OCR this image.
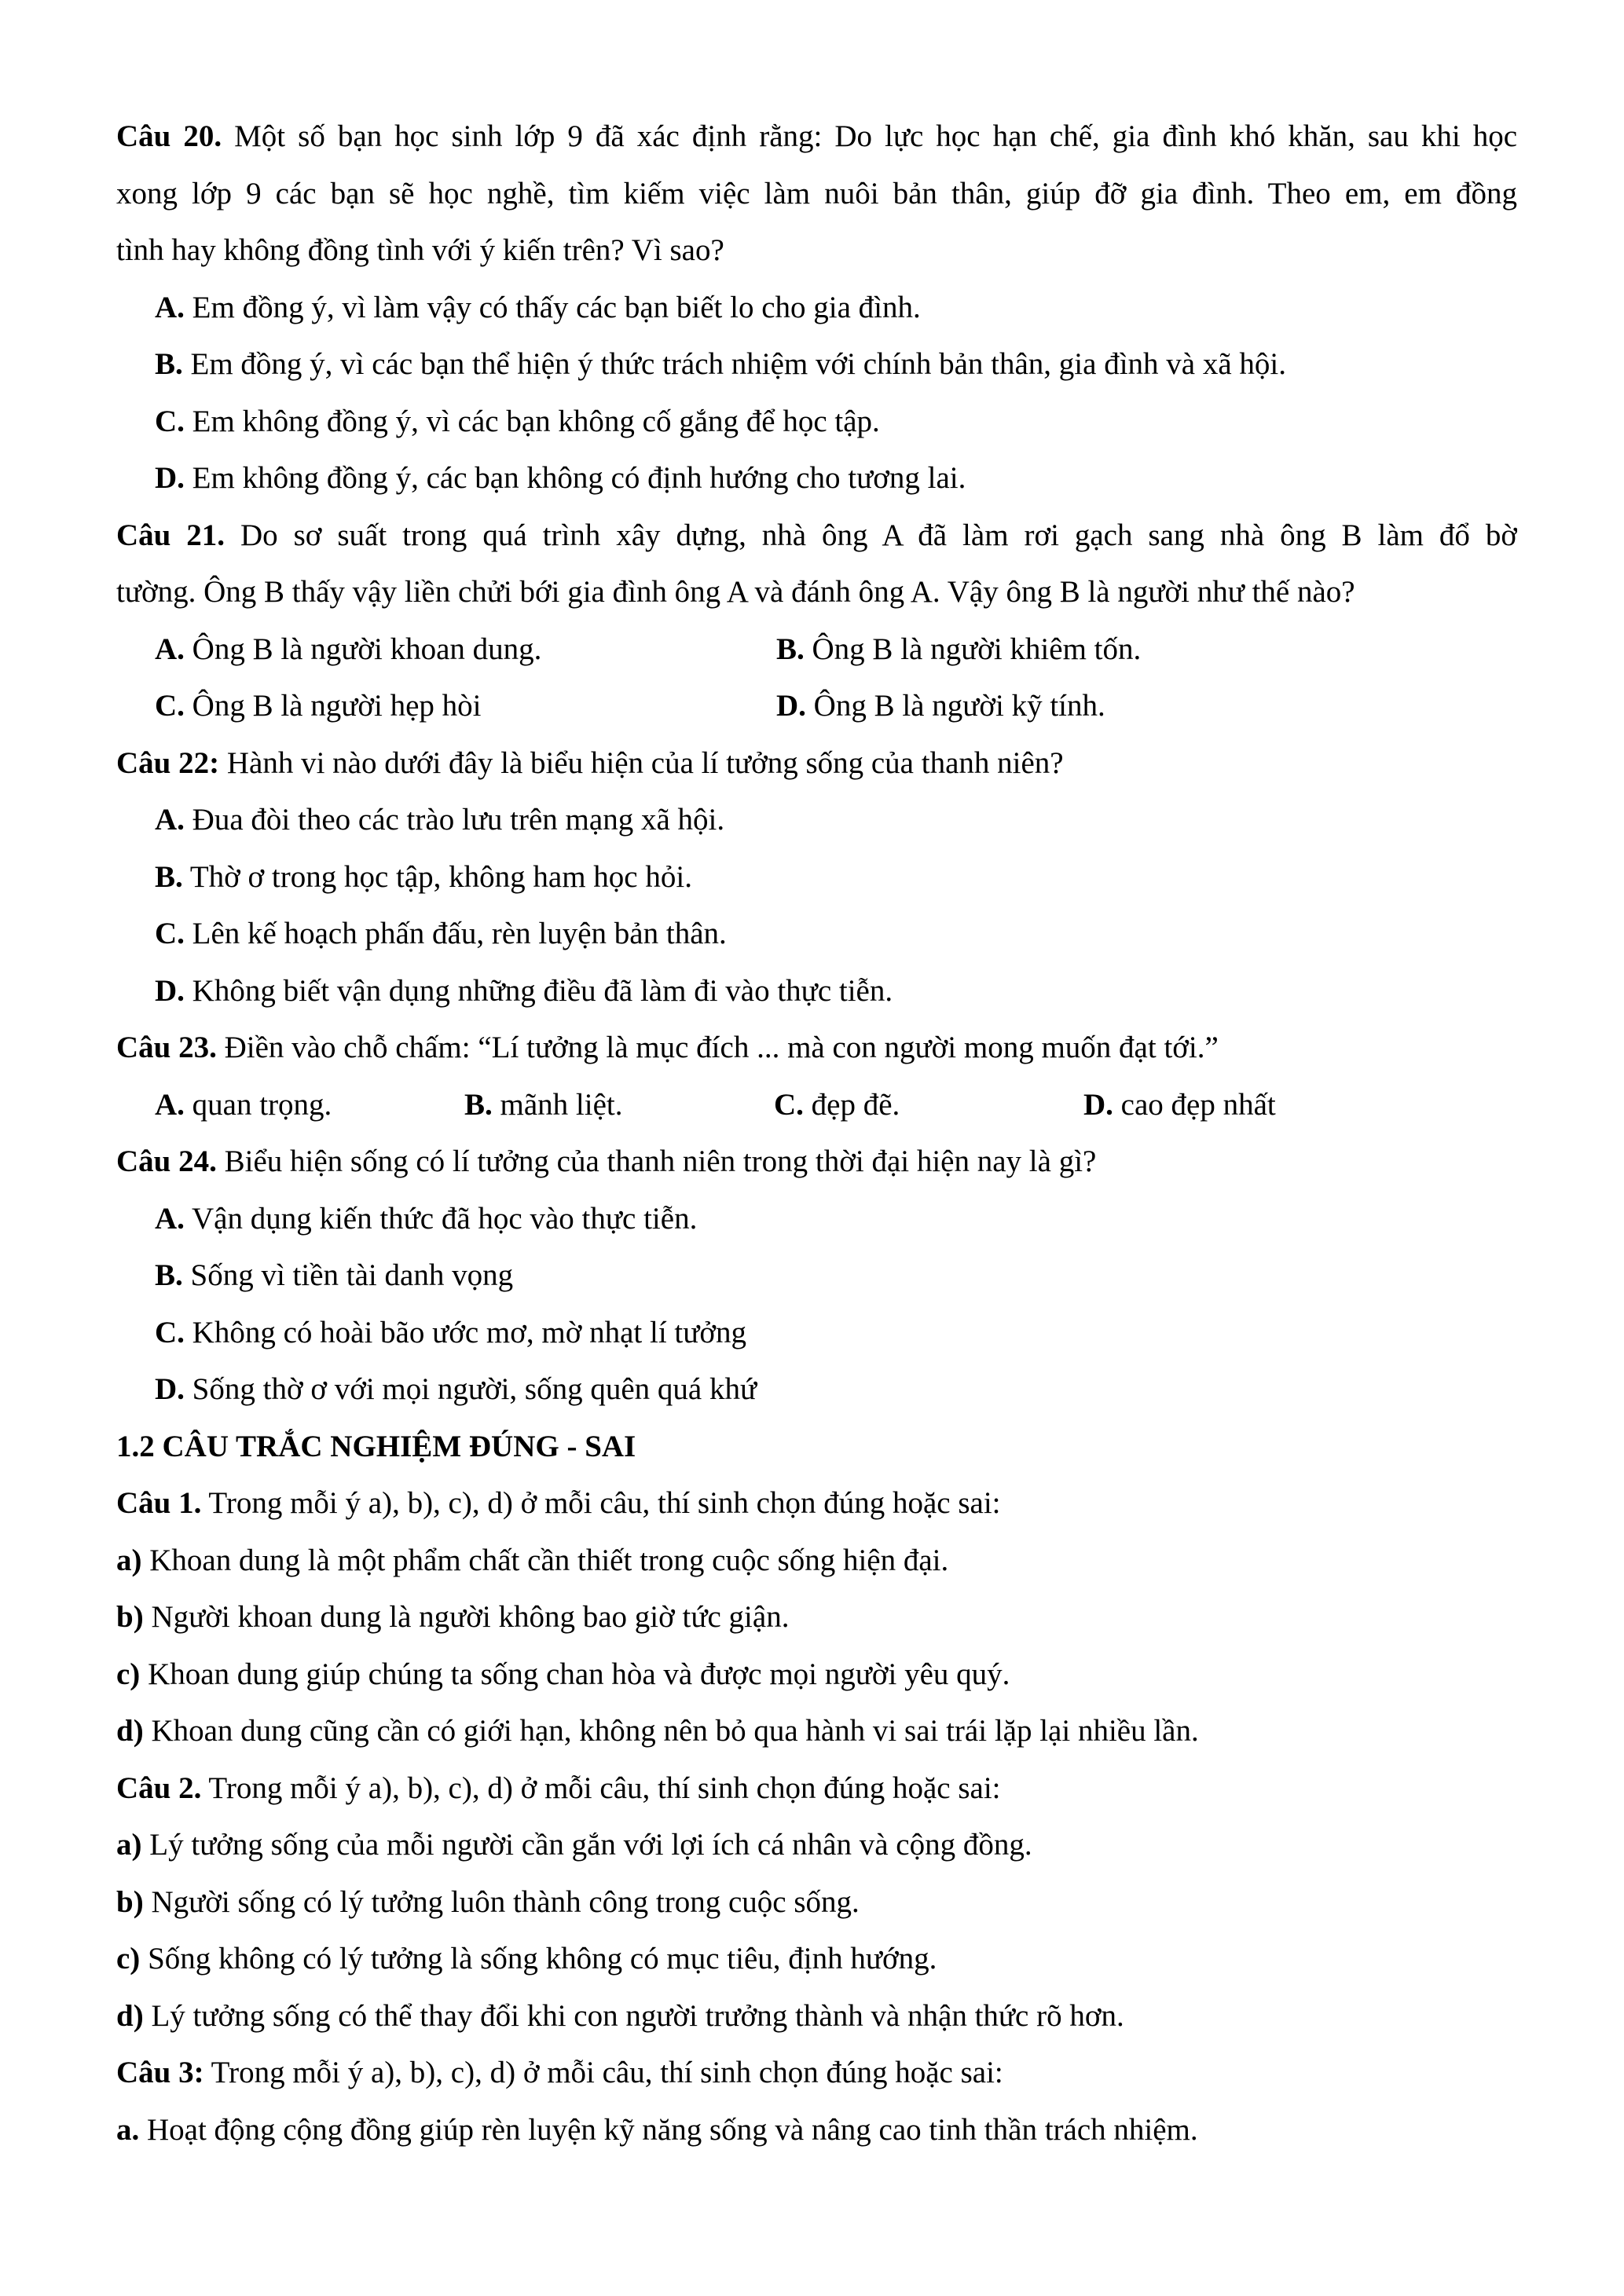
Câu 20. Một số bạn học sinh lớp 9 đã xác định rằng: Do lực học hạn chế, gia đình khó khăn, sau khi học
xong lớp 9 các bạn sẽ học nghề, tìm kiếm việc làm nuôi bản thân, giúp đỡ gia đình. Theo em, em đồng
tình hay không đồng tình với ý kiến trên? Vì sao?
A. Em đồng ý, vì làm vậy có thấy các bạn biết lo cho gia đình.
B. Em đồng ý, vì các bạn thể hiện ý thức trách nhiệm với chính bản thân, gia đình và xã hội.
C. Em không đồng ý, vì các bạn không cố gắng để học tập.
D. Em không đồng ý, các bạn không có định hướng cho tương lai.
Câu 21. Do sơ suất trong quá trình xây dựng, nhà ông A đã làm rơi gạch sang nhà ông B làm đổ bờ
tường. Ông B thấy vậy liền chửi bới gia đình ông A và đánh ông A. Vậy ông B là người như thế nào?
A. Ông B là người khoan dung.	B. Ông B là người khiêm tốn.
C. Ông B là người hẹp hòi	D. Ông B là người kỹ tính.
Câu 22: Hành vi nào dưới đây là biểu hiện của lí tưởng sống của thanh niên?
A. Đua đòi theo các trào lưu trên mạng xã hội.
B. Thờ ơ trong học tập, không ham học hỏi.
C. Lên kế hoạch phấn đấu, rèn luyện bản thân.
D. Không biết vận dụng những điều đã làm đi vào thực tiễn.
Câu 23. Điền vào chỗ chấm: “Lí tưởng là mục đích ... mà con người mong muốn đạt tới.”
A. quan trọng.	B. mãnh liệt.	C. đẹp đẽ.	D. cao đẹp nhất
Câu 24. Biểu hiện sống có lí tưởng của thanh niên trong thời đại hiện nay là gì?
A. Vận dụng kiến thức đã học vào thực tiễn.
B. Sống vì tiền tài danh vọng
C. Không có hoài bão ước mơ, mờ nhạt lí tưởng
D. Sống thờ ơ với mọi người, sống quên quá khứ
1.2 CÂU TRẮC NGHIỆM ĐÚNG - SAI
Câu 1. Trong mỗi ý a), b), c), d) ở mỗi câu, thí sinh chọn đúng hoặc sai:
a) Khoan dung là một phẩm chất cần thiết trong cuộc sống hiện đại.
b) Người khoan dung là người không bao giờ tức giận.
c) Khoan dung giúp chúng ta sống chan hòa và được mọi người yêu quý.
d) Khoan dung cũng cần có giới hạn, không nên bỏ qua hành vi sai trái lặp lại nhiều lần.
Câu 2. Trong mỗi ý a), b), c), d) ở mỗi câu, thí sinh chọn đúng hoặc sai:
a) Lý tưởng sống của mỗi người cần gắn với lợi ích cá nhân và cộng đồng.
b) Người sống có lý tưởng luôn thành công trong cuộc sống.
c) Sống không có lý tưởng là sống không có mục tiêu, định hướng.
d) Lý tưởng sống có thể thay đổi khi con người trưởng thành và nhận thức rõ hơn.
Câu 3: Trong mỗi ý a), b), c), d) ở mỗi câu, thí sinh chọn đúng hoặc sai:
a. Hoạt động cộng đồng giúp rèn luyện kỹ năng sống và nâng cao tinh thần trách nhiệm.
